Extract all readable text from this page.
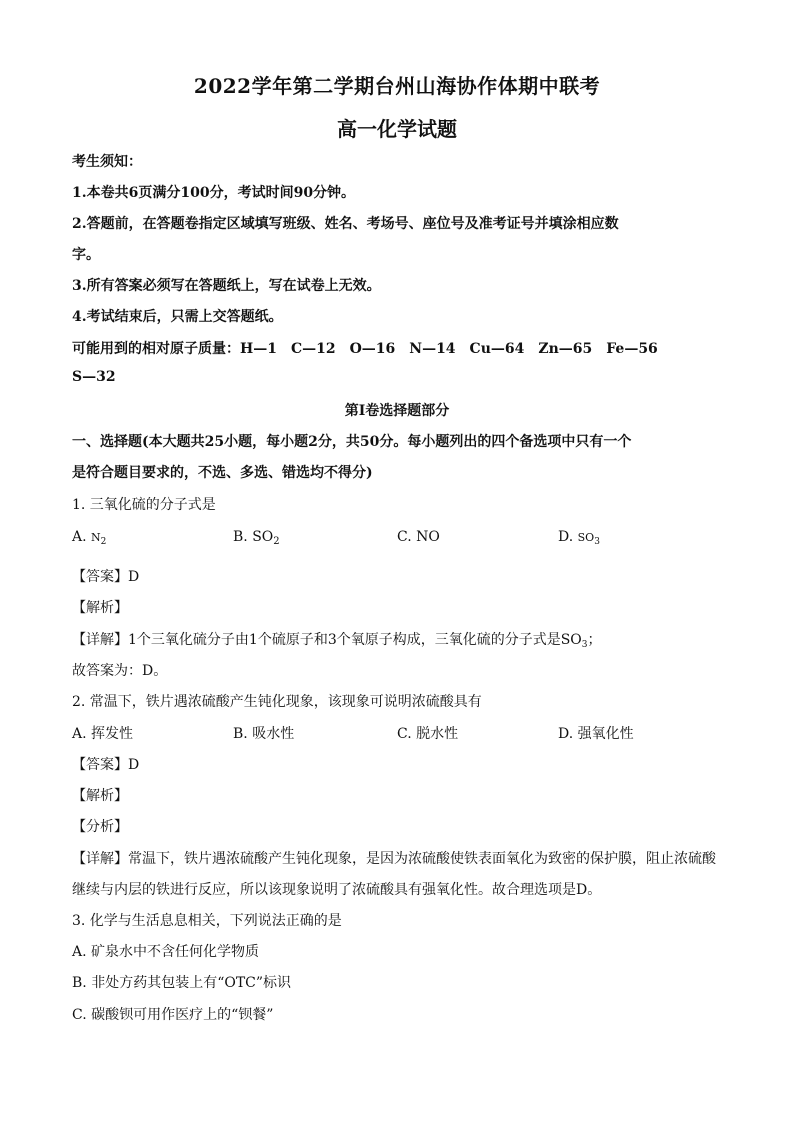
2022学年第二学期台州山海协作体期中联考
高一化学试题
考生须知：
1.本卷共6页满分100分，考试时间90分钟。
2.答题前，在答题卷指定区域填写班级、姓名、考场号、座位号及准考证号并填涂相应数
字。
3.所有答案必须写在答题纸上，写在试卷上无效。
4.考试结束后，只需上交答题纸。
可能用到的相对原子质量：H—1　C—12　O—16　N—14　Cu—64　Zn—65　Fe—56
S—32
第I卷选择题部分
一、选择题(本大题共25小题，每小题2分，共50分。每小题列出的四个备选项中只有一个
是符合题目要求的，不选、多选、错选均不得分)
1. 三氧化硫的分子式是
A. $N_2$	B. $SO_2$	C. NO	D. $SO_3$
【答案】D
【解析】
【详解】1个三氧化硫分子由1个硫原子和3个氧原子构成，三氧化硫的分子式是$SO_3$；
故答案为：D。
2. 常温下，铁片遇浓硫酸产生钝化现象，该现象可说明浓硫酸具有
A. 挥发性	B. 吸水性	C. 脱水性	D. 强氧化性
【答案】D
【解析】
【分析】
【详解】常温下，铁片遇浓硫酸产生钝化现象，是因为浓硫酸使铁表面氧化为致密的保护膜，阻止浓硫酸
继续与内层的铁进行反应，所以该现象说明了浓硫酸具有强氧化性。故合理选项是D。
3. 化学与生活息息相关，下列说法正确的是
A. 矿泉水中不含任何化学物质
B. 非处方药其包装上有“OTC”标识
C. 碳酸钡可用作医疗上的“钡餐”
